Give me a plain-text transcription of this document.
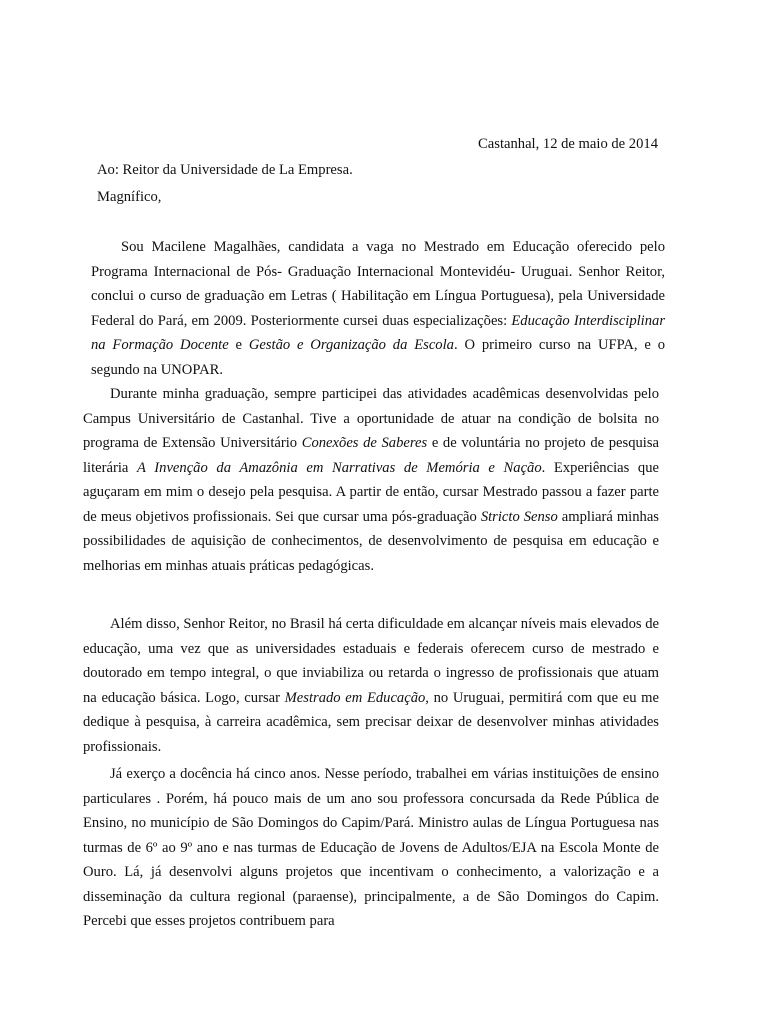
Castanhal, 12 de maio de 2014
Ao: Reitor da Universidade de La Empresa.
Magnífico,

Sou Macilene Magalhães, candidata a vaga no Mestrado em Educação oferecido pelo Programa Internacional de Pós- Graduação Internacional Montevidéu- Uruguai. Senhor Reitor, conclui o curso de graduação em Letras ( Habilitação em Língua Portuguesa), pela Universidade Federal do Pará, em 2009. Posteriormente cursei duas especializações: Educação Interdisciplinar na Formação Docente e Gestão e Organização da Escola. O primeiro curso na UFPA, e o segundo na UNOPAR.

Durante minha graduação, sempre participei das atividades acadêmicas desenvolvidas pelo Campus Universitário de Castanhal. Tive a oportunidade de atuar na condição de bolsita no programa de Extensão Universitário Conexões de Saberes e de voluntária no projeto de pesquisa literária A Invenção da Amazônia em Narrativas de Memória e Nação. Experiências que aguçaram em mim o desejo pela pesquisa. A partir de então, cursar Mestrado passou a fazer parte de meus objetivos profissionais. Sei que cursar uma pós-graduação Stricto Senso ampliará minhas possibilidades de aquisição de conhecimentos, de desenvolvimento de pesquisa em educação e melhorias em minhas atuais práticas pedagógicas.

Além disso, Senhor Reitor, no Brasil há certa dificuldade em alcançar níveis mais elevados de educação, uma vez que as universidades estaduais e federais oferecem curso de mestrado e doutorado em tempo integral, o que inviabiliza ou retarda o ingresso de profissionais que atuam na educação básica. Logo, cursar Mestrado em Educação, no Uruguai, permitirá com que eu me dedique à pesquisa, à carreira acadêmica, sem precisar deixar de desenvolver minhas atividades profissionais.

Já exerço a docência há cinco anos. Nesse período, trabalhei em várias instituições de ensino particulares . Porém, há pouco mais de um ano sou professora concursada da Rede Pública de Ensino, no município de São Domingos do Capim/Pará. Ministro aulas de Língua Portuguesa nas turmas de 6º ao 9º ano e nas turmas de Educação de Jovens de Adultos/EJA na Escola Monte de Ouro. Lá, já desenvolvi alguns projetos que incentivam o conhecimento, a valorização e a disseminação da cultura regional (paraense), principalmente, a de São Domingos do Capim. Percebi que esses projetos contribuem para
